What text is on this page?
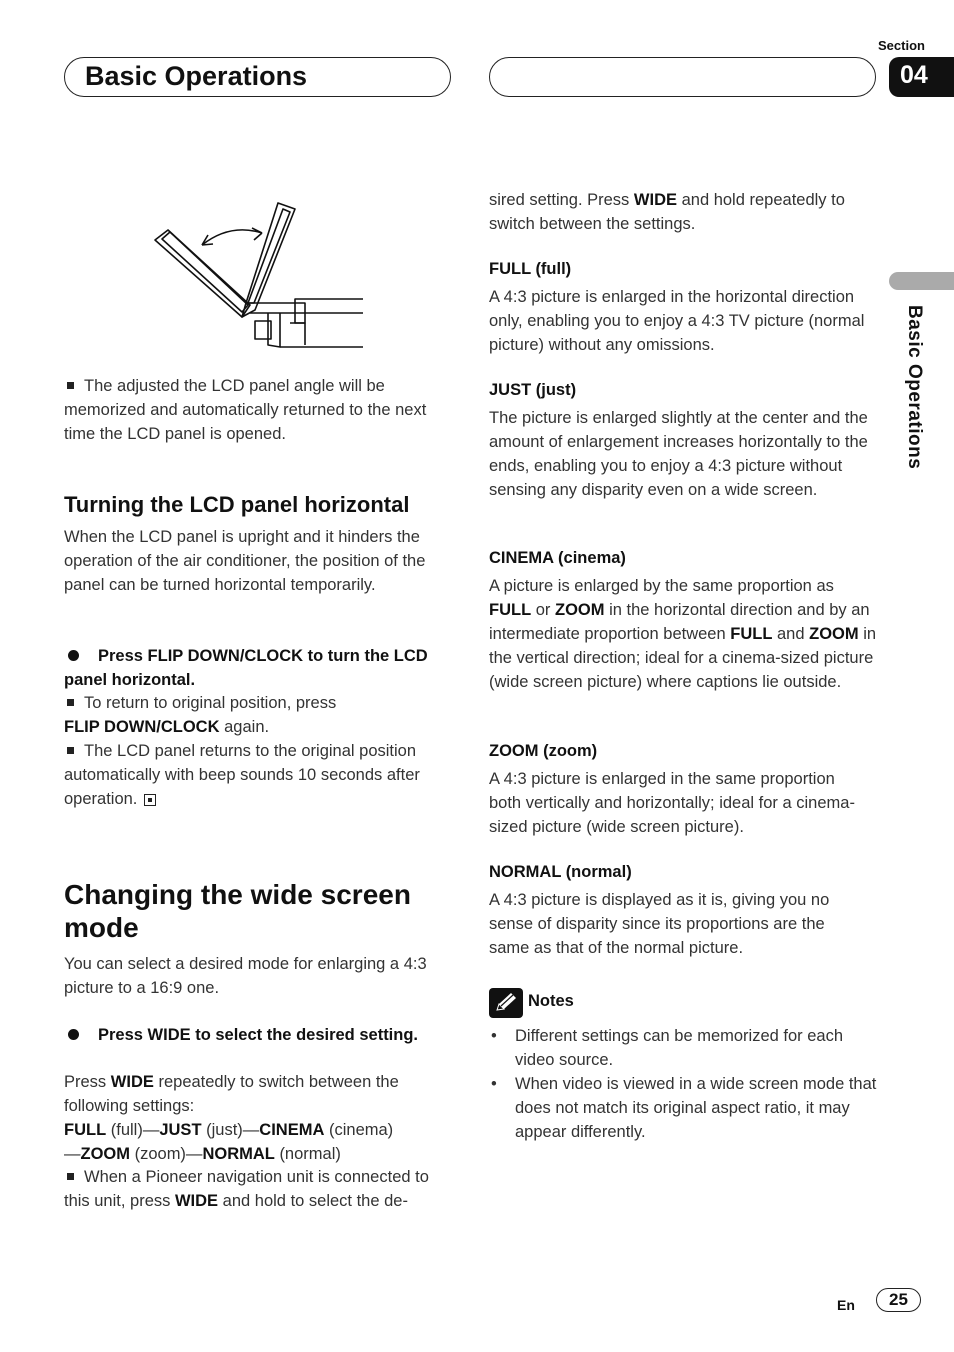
Basic Operations
Section
04
Basic Operations
The adjusted the LCD panel angle will be memorized and automatically returned to the next time the LCD panel is opened.
Turning the LCD panel horizontal
When the LCD panel is upright and it hinders the operation of the air conditioner, the position of the panel can be turned horizontal temporarily.
Press FLIP DOWN/CLOCK to turn the LCD panel horizontal.
To return to original position, press
FLIP DOWN/CLOCK again.
The LCD panel returns to the original position automatically with beep sounds 10 seconds after operation.
Changing the wide screen mode
You can select a desired mode for enlarging a 4:3 picture to a 16:9 one.
Press WIDE to select the desired setting.
Press WIDE repeatedly to switch between the following settings:
FULL (full)—JUST (just)—CINEMA (cinema)
—ZOOM (zoom)—NORMAL (normal)
When a Pioneer navigation unit is connected to this unit, press WIDE and hold to select the de-
sired setting. Press WIDE and hold repeatedly to switch between the settings.
FULL (full)
A 4:3 picture is enlarged in the horizontal direction only, enabling you to enjoy a 4:3 TV picture (normal picture) without any omissions.
JUST (just)
The picture is enlarged slightly at the center and the amount of enlargement increases horizontally to the ends, enabling you to enjoy a 4:3 picture without sensing any disparity even on a wide screen.
CINEMA (cinema)
A picture is enlarged by the same proportion as FULL or ZOOM in the horizontal direction and by an intermediate proportion between FULL and ZOOM in the vertical direction; ideal for a cinema-sized picture (wide screen picture) where captions lie outside.
ZOOM (zoom)
A 4:3 picture is enlarged in the same proportion both vertically and horizontally; ideal for a cinema-sized picture (wide screen picture).
NORMAL (normal)
A 4:3 picture is displayed as it is, giving you no sense of disparity since its proportions are the same as that of the normal picture.
Notes
• Different settings can be memorized for each video source.
• When video is viewed in a wide screen mode that does not match its original aspect ratio, it may appear differently.
En	25
